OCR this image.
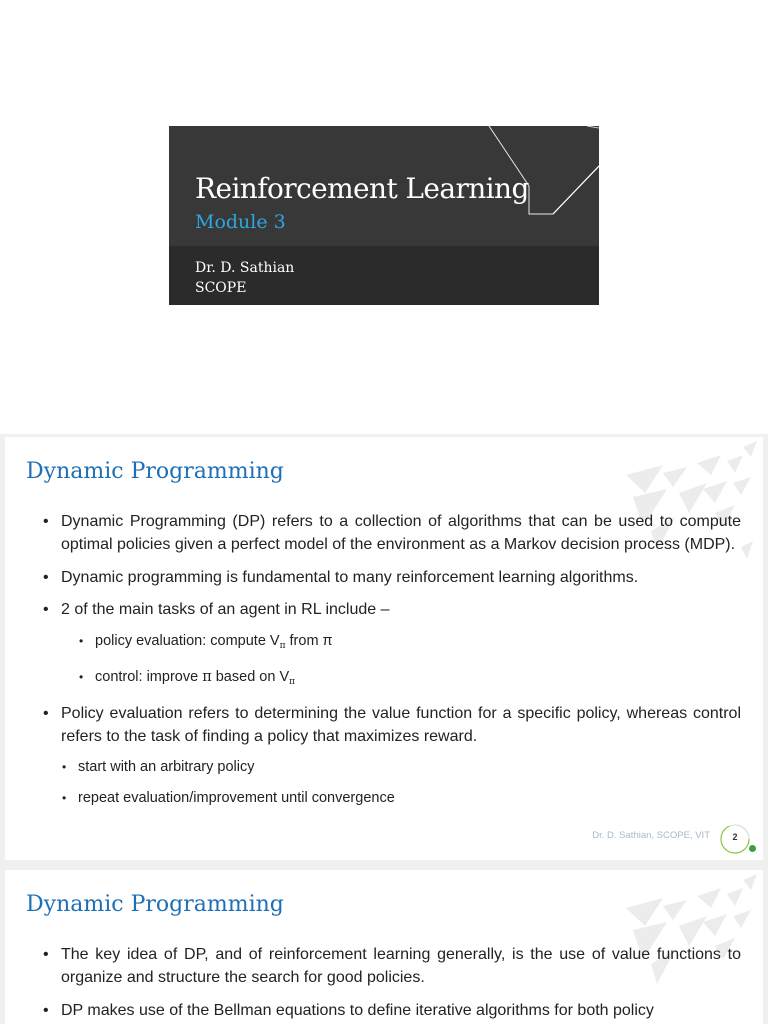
Reinforcement Learning
Module 3
Dr. D. Sathian
SCOPE
Dynamic Programming
• Dynamic Programming (DP) refers to a collection of algorithms that can be used to compute optimal policies given a perfect model of the environment as a Markov decision process (MDP).
• Dynamic programming is fundamental to many reinforcement learning algorithms.
• 2 of the main tasks of an agent in RL include –
• policy evaluation: compute $V_\pi$ from π
• control: improve π based on $V_\pi$
• Policy evaluation refers to determining the value function for a specific policy, whereas control refers to the task of finding a policy that maximizes reward.
• start with an arbitrary policy
• repeat evaluation/improvement until convergence
Dr. D. Sathian, SCOPE, VIT	2
Dynamic Programming
• The key idea of DP, and of reinforcement learning generally, is the use of value functions to organize and structure the search for good policies.
• DP makes use of the Bellman equations to define iterative algorithms for both policy
